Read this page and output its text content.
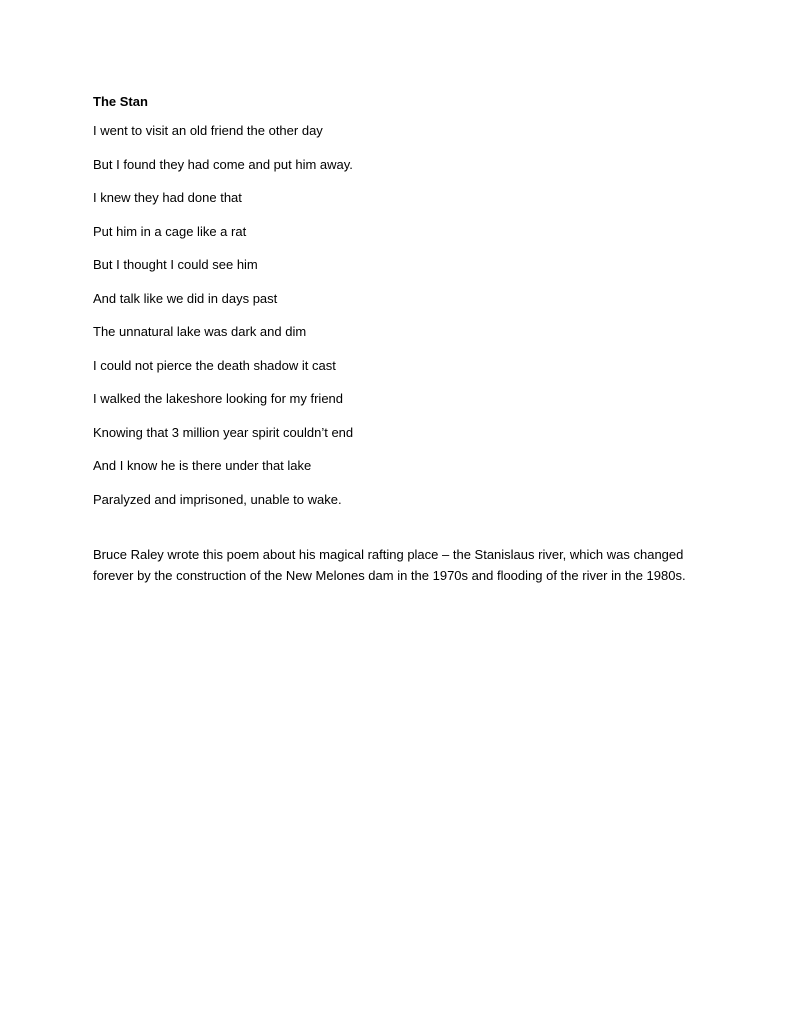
The Stan
I went to visit an old friend the other day
But I found they had come and put him away.
I knew they had done that
Put him in a cage like a rat
But I thought I could see him
And talk like we did in days past
The unnatural lake was dark and dim
I could not pierce the death shadow it cast
I walked the lakeshore looking for my friend
Knowing that 3 million year spirit couldn’t end
And I know he is there under that lake
Paralyzed and imprisoned, unable to wake.
Bruce Raley wrote this poem about his magical rafting place – the Stanislaus river, which was changed forever by the construction of the New Melones dam in the 1970s and flooding of the river in the 1980s.
